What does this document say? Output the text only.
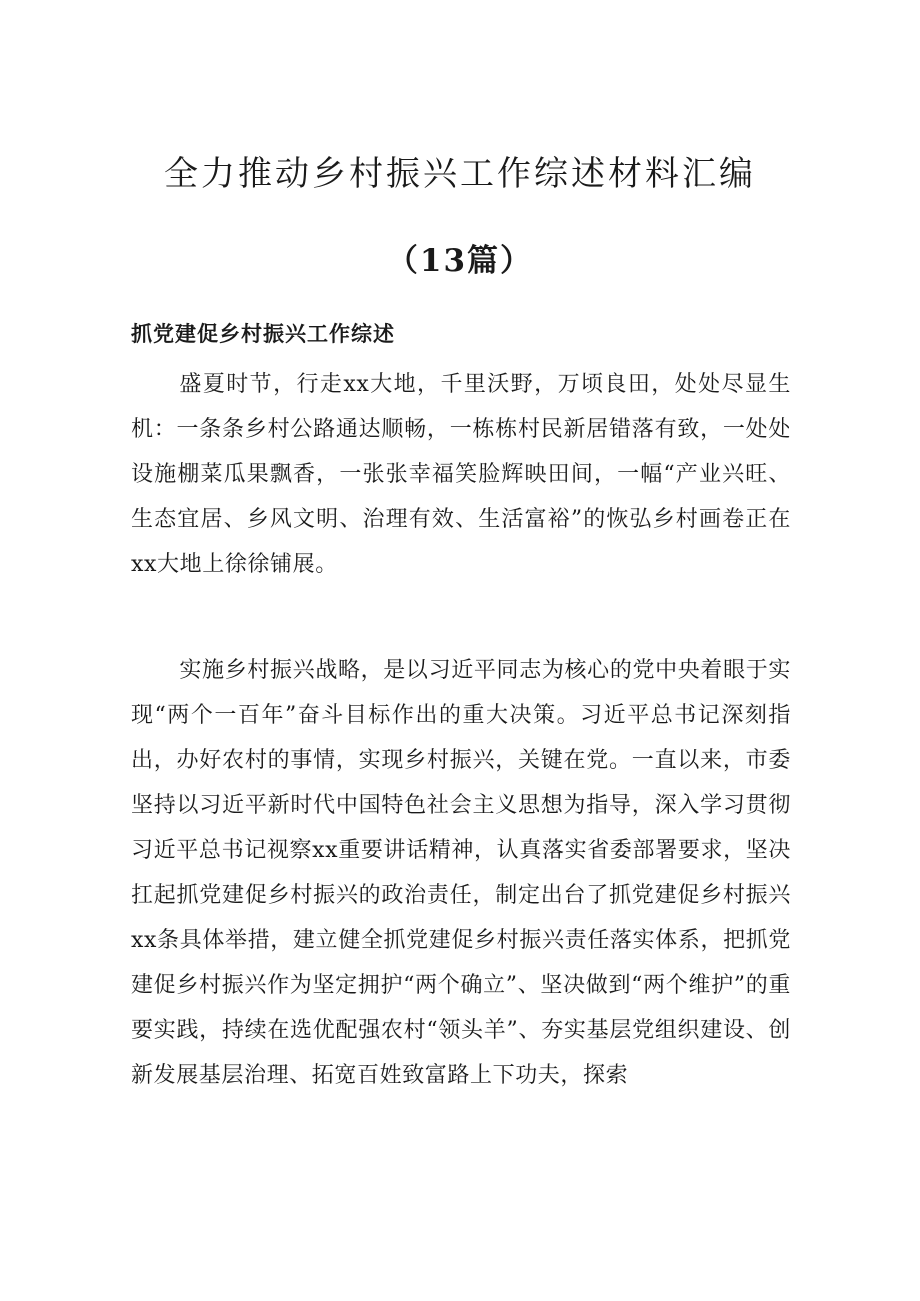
全力推动乡村振兴工作综述材料汇编
（13篇）
抓党建促乡村振兴工作综述

盛夏时节，行走xx大地，千里沃野，万顷良田，处处尽显生机：一条条乡村公路通达顺畅，一栋栋村民新居错落有致，一处处设施棚菜瓜果飘香，一张张幸福笑脸辉映田间，一幅“产业兴旺、生态宜居、乡风文明、治理有效、生活富裕”的恢弘乡村画卷正在xx大地上徐徐铺展。

实施乡村振兴战略，是以习近平同志为核心的党中央着眼于实现“两个一百年”奋斗目标作出的重大决策。习近平总书记深刻指出，办好农村的事情，实现乡村振兴，关键在党。一直以来，市委坚持以习近平新时代中国特色社会主义思想为指导，深入学习贯彻习近平总书记视察xx重要讲话精神，认真落实省委部署要求，坚决扛起抓党建促乡村振兴的政治责任，制定出台了抓党建促乡村振兴xx条具体举措，建立健全抓党建促乡村振兴责任落实体系，把抓党建促乡村振兴作为坚定拥护“两个确立”、坚决做到“两个维护”的重要实践，持续在选优配强农村“领头羊”、夯实基层党组织建设、创新发展基层治理、拓宽百姓致富路上下功夫，探索
